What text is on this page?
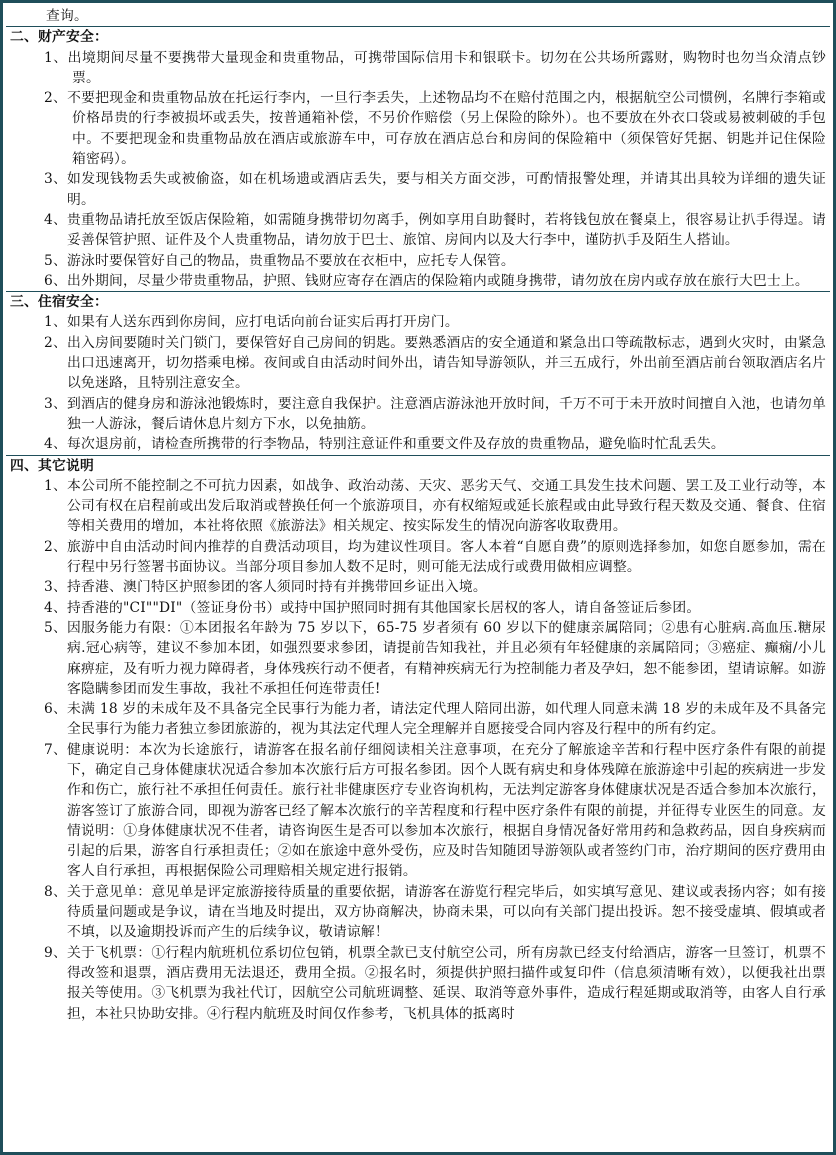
查询。
二、财产安全：
1、出境期间尽量不要携带大量现金和贵重物品，可携带国际信用卡和银联卡。切勿在公共场所露财，购物时也勿当众清点钞票。
2、不要把现金和贵重物品放在托运行李内，一旦行李丢失，上述物品均不在赔付范围之内，根据航空公司惯例，名牌行李箱或价格昂贵的行李被损坏或丢失，按普通箱补偿，不另价作赔偿（另上保险的除外）。也不要放在外衣口袋或易被刺破的手包中。不要把现金和贵重物品放在酒店或旅游车中，可存放在酒店总台和房间的保险箱中（须保管好凭据、钥匙并记住保险箱密码）。
3、 如发现钱物丢失或被偷盗，如在机场遗或酒店丢失，要与相关方面交涉，可酌情报警处理，并请其出具较为详细的遗失证明。
4、 贵重物品请托放至饭店保险箱，如需随身携带切勿离手，例如享用自助餐时，若将钱包放在餐桌上，很容易让扒手得逞。请妥善保管护照、证件及个人贵重物品，请勿放于巴士、旅馆、房间内以及大行李中，谨防扒手及陌生人搭讪。
5、 游泳时要保管好自己的物品，贵重物品不要放在衣柜中，应托专人保管。
6、 出外期间，尽量少带贵重物品，护照、钱财应寄存在酒店的保险箱内或随身携带，请勿放在房内或存放在旅行大巴士上。
三、住宿安全：
1、 如果有人送东西到你房间，应打电话向前台证实后再打开房门。
2、 出入房间要随时关门锁门，要保管好自己房间的钥匙。要熟悉酒店的安全通道和紧急出口等疏散标志，遇到火灾时，由紧急出口迅速离开，切勿搭乘电梯。夜间或自由活动时间外出，请告知导游领队，并三五成行，外出前至酒店前台领取酒店名片以免迷路，且特别注意安全。
3、 到酒店的健身房和游泳池锻炼时，要注意自我保护。注意酒店游泳池开放时间，千万不可于未开放时间擅自入池，也请勿单独一人游泳，餐后请休息片刻方下水，以免抽筋。
4、 每次退房前，请检查所携带的行李物品，特别注意证件和重要文件及存放的贵重物品，避免临时忙乱丢失。
四、其它说明
1、 本公司所不能控制之不可抗力因素，如战争、政治动荡、天灾、恶劣天气、交通工具发生技术问题、罢工及工业行动等，本公司有权在启程前或出发后取消或替换任何一个旅游项目，亦有权缩短或延长旅程或由此导致行程天数及交通、餐食、住宿等相关费用的增加，本社将依照《旅游法》相关规定、按实际发生的情况向游客收取费用。
2、 旅游中自由活动时间内推荐的自费活动项目，均为建议性项目。客人本着“自愿自费”的原则选择参加，如您自愿参加，需在行程中另行签署书面协议。当部分项目参加人数不足时，则可能无法成行或费用做相应调整。
3、 持香港、澳门特区护照参团的客人须同时持有并携带回乡证出入境。
4、 持香港的"CI""DI"（签证身份书）或持中国护照同时拥有其他国家长居权的客人，请自备签证后参团。
5、 因服务能力有限：①本团报名年龄为 75 岁以下，65-75 岁者须有 60 岁以下的健康亲属陪同；②患有心脏病.高血压.糖尿病.冠心病等，建议不参加本团，如强烈要求参团，请提前告知我社，并且必须有年轻健康的亲属陪同；③癌症、癫痫/小儿麻痹症，及有听力视力障碍者，身体残疾行动不便者，有精神疾病无行为控制能力者及孕妇，恕不能参团，望请谅解。如游客隐瞒参团而发生事故，我社不承担任何连带责任!
6、 未满 18 岁的未成年及不具备完全民事行为能力者，请法定代理人陪同出游，如代理人同意未满 18 岁的未成年及不具备完全民事行为能力者独立参团旅游的，视为其法定代理人完全理解并自愿接受合同内容及行程中的所有约定。
7、 健康说明：本次为长途旅行，请游客在报名前仔细阅读相关注意事项，在充分了解旅途辛苦和行程中医疗条件有限的前提下，确定自己身体健康状况适合参加本次旅行后方可报名参团。因个人既有病史和身体残障在旅游途中引起的疾病进一步发作和伤亡，旅行社不承担任何责任。旅行社非健康医疗专业咨询机构，无法判定游客身体健康状况是否适合参加本次旅行，游客签订了旅游合同，即视为游客已经了解本次旅行的辛苦程度和行程中医疗条件有限的前提，并征得专业医生的同意。友情说明：①身体健康状况不佳者，请咨询医生是否可以参加本次旅行，根据自身情况备好常用药和急救药品，因自身疾病而引起的后果，游客自行承担责任；②如在旅途中意外受伤，应及时告知随团导游领队或者签约门市，治疗期间的医疗费用由客人自行承担，再根据保险公司理赔相关规定进行报销。
8、 关于意见单：意见单是评定旅游接待质量的重要依据，请游客在游览行程完毕后，如实填写意见、建议或表扬内容；如有接待质量问题或是争议，请在当地及时提出，双方协商解决，协商未果，可以向有关部门提出投诉。恕不接受虚填、假填或者不填，以及逾期投诉而产生的后续争议，敬请谅解！
9、 关于飞机票：①行程内航班机位系切位包销，机票全款已支付航空公司，所有房款已经支付给酒店，游客一旦签订，机票不得改签和退票，酒店费用无法退还，费用全损。②报名时，须提供护照扫描件或复印件（信息须清晰有效），以便我社出票报关等使用。③飞机票为我社代订，因航空公司航班调整、延误、取消等意外事件，造成行程延期或取消等，由客人自行承担，本社只协助安排。④行程内航班及时间仅作参考，飞机具体的抵离时
